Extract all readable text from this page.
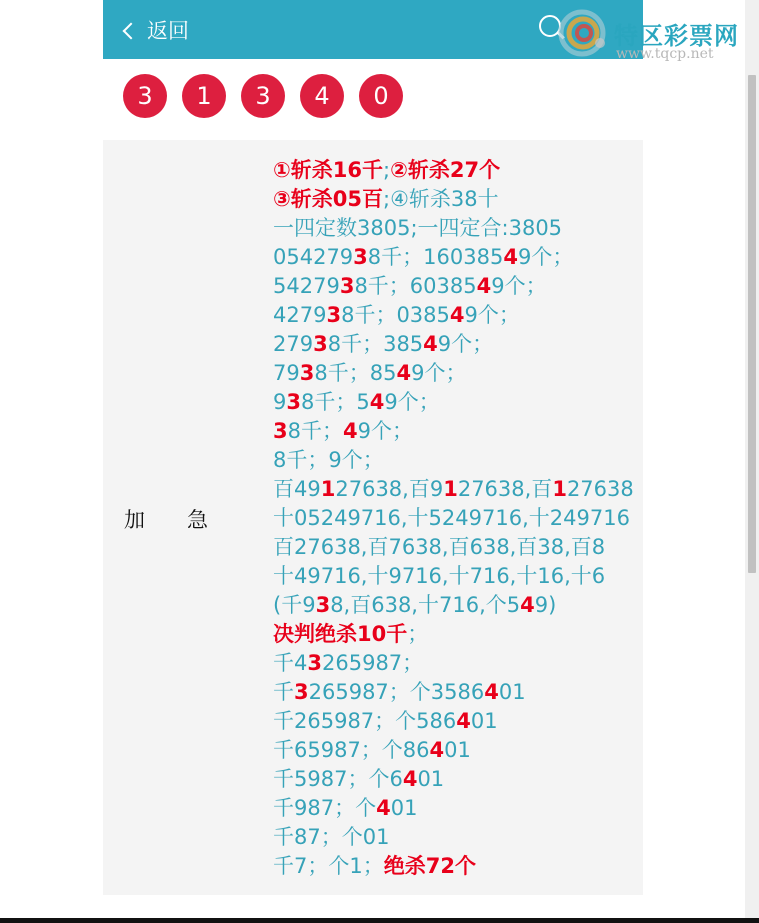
返回
3	1	3	4	0
加 急
①斩杀16千;②斩杀27个
③斩杀05百;④斩杀38十
一四定数3805;一四定合:3805
05427938千；16038549个；
5427938千；6038549个；
427938千；038549个；
27938千；38549个；
7938千；8549个；
938千；549个；
38千；49个；
8千；9个；
百49127638,百9127638,百127638
十05249716,十5249716,十249716
百27638,百7638,百638,百38,百8
十49716,十9716,十716,十16,十6
(千938,百638,十716,个549)
决判绝杀10千；
千43265987；
千3265987；个3586401
千265987；个586401
千65987；个86401
千5987；个6401
千987；个401
千87；个01
千7；个1；绝杀72个
特区彩票网
www.tqcp.net
